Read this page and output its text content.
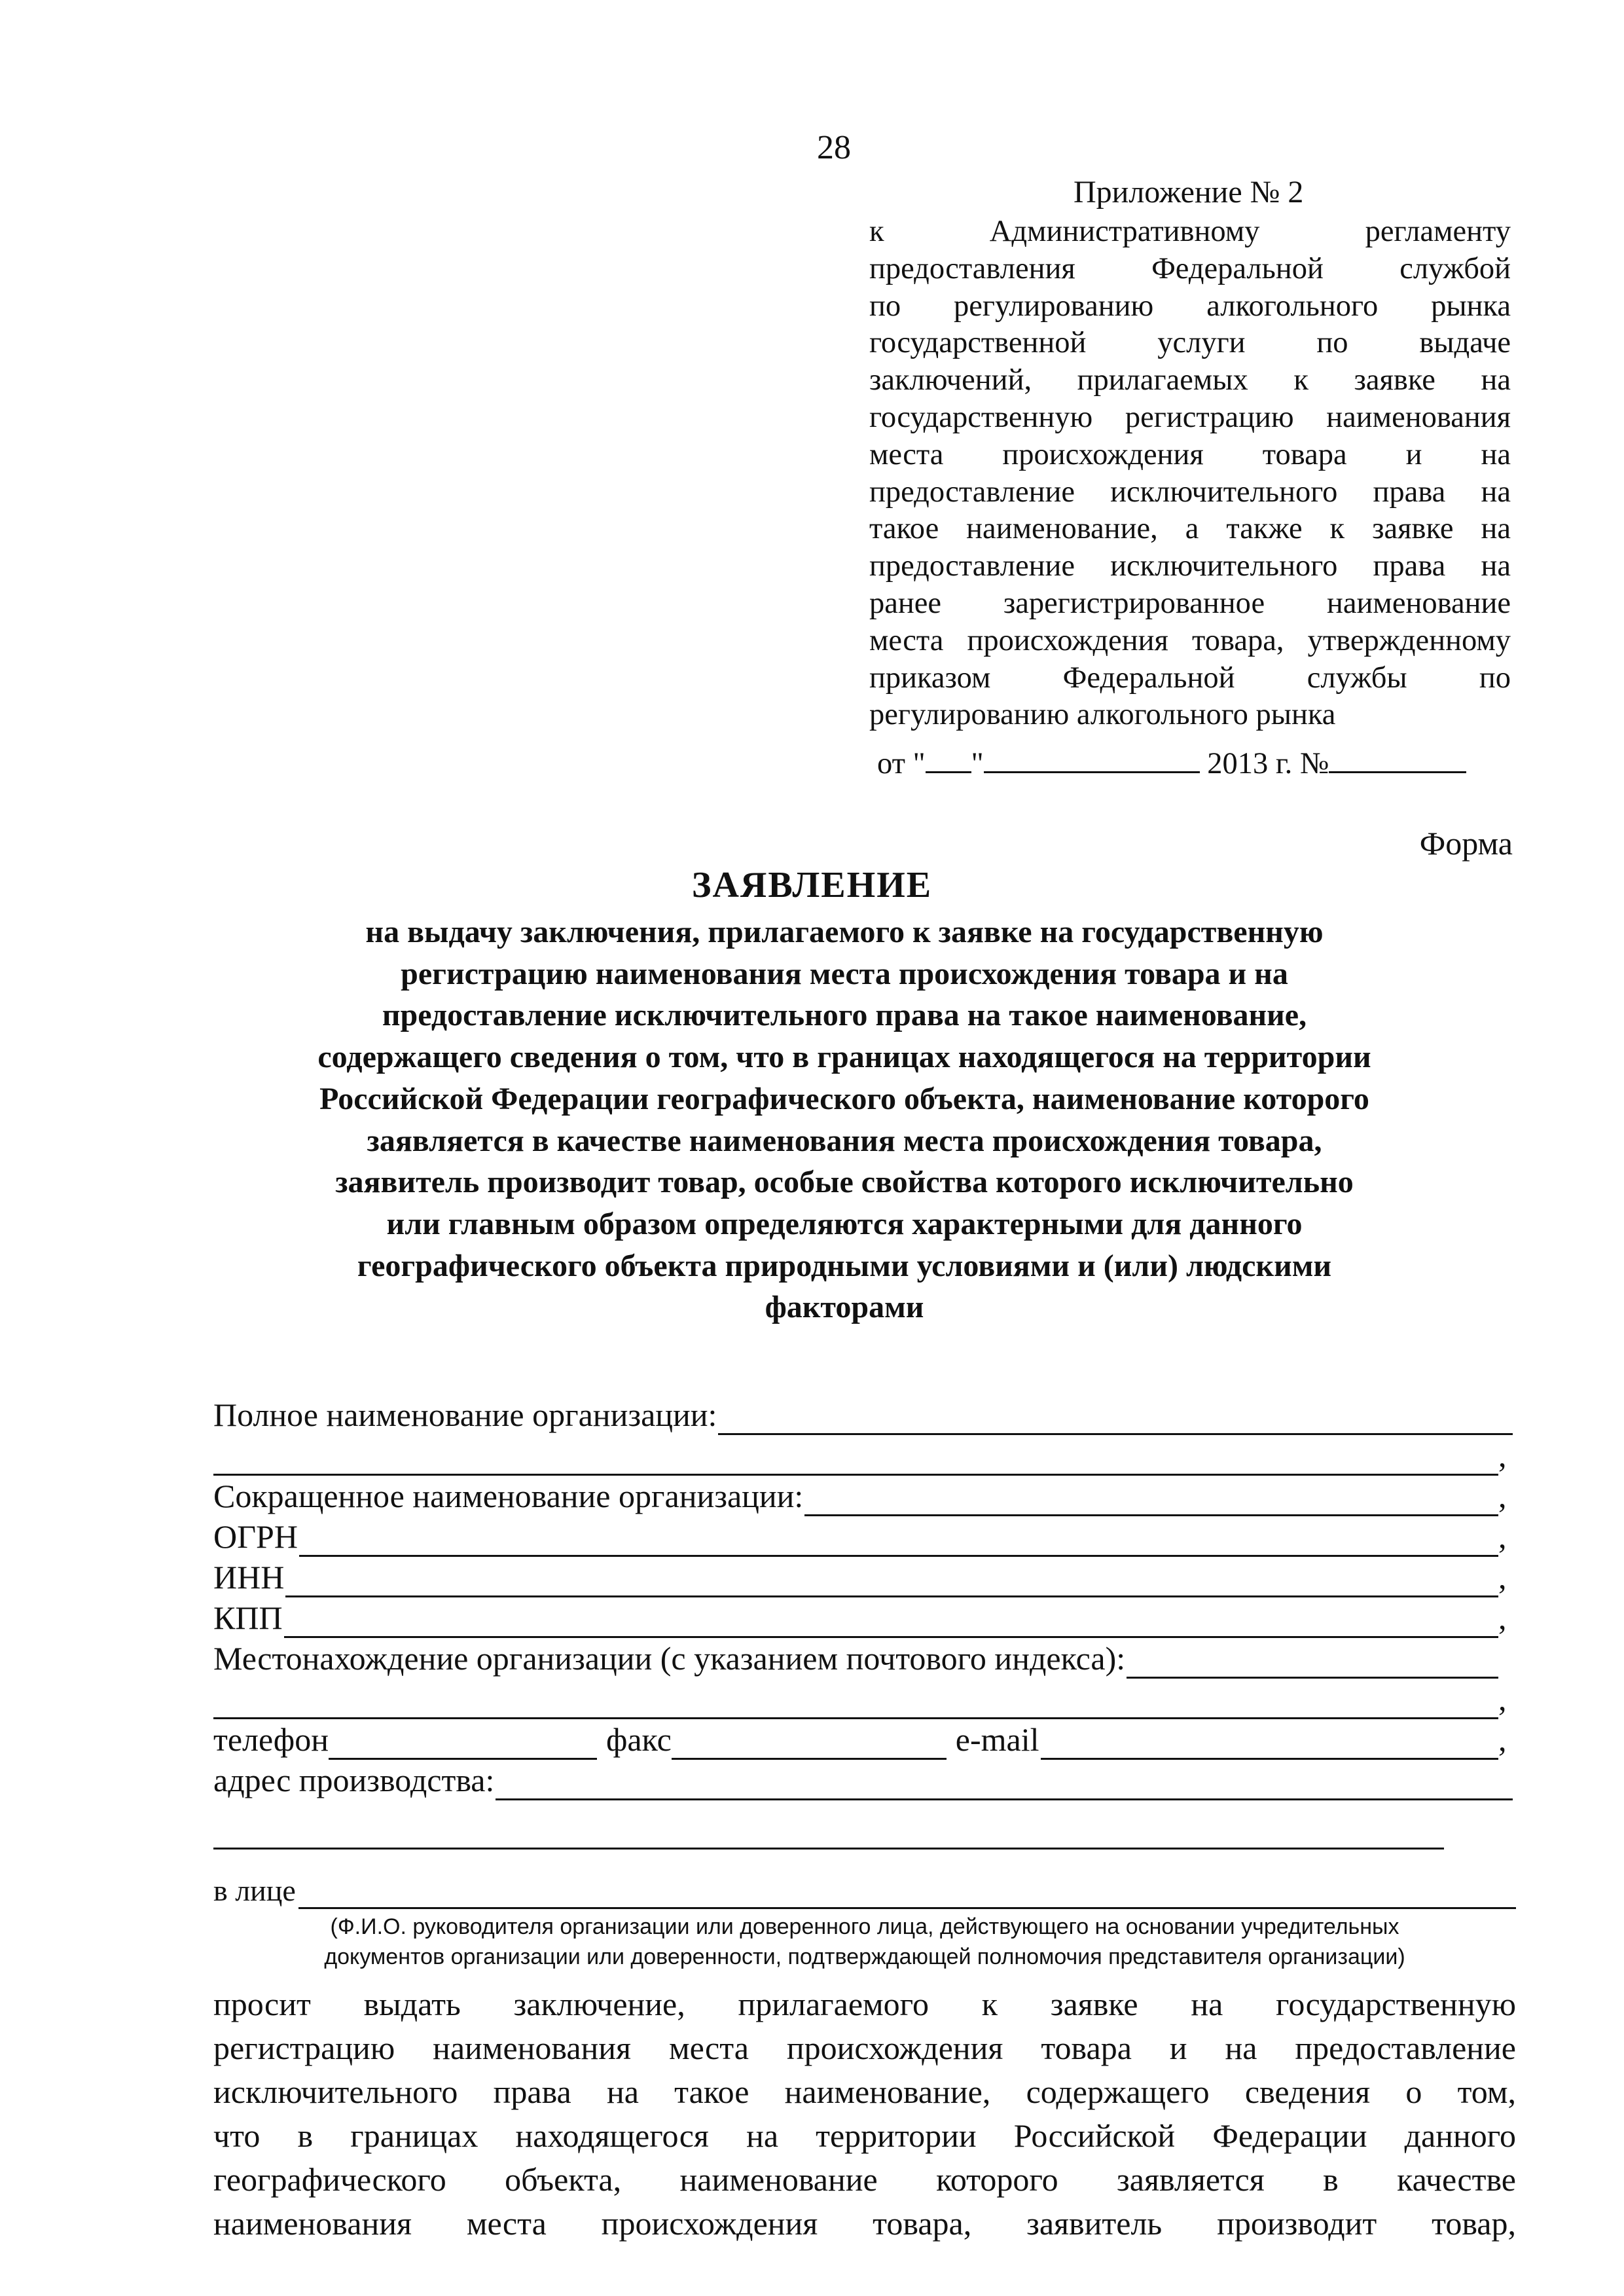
28
Приложение № 2
к Административному регламенту
предоставления Федеральной службой
по регулированию алкогольного рынка
государственной услуги по выдаче
заключений, прилагаемых к заявке на
государственную регистрацию наименования
места происхождения товара и на
предоставление исключительного права на
такое наименование, а также к заявке на
предоставление исключительного права на
ранее зарегистрированное наименование
места происхождения товара, утвержденному
приказом Федеральной службы по
регулированию алкогольного рынка
от " "	2013 г. №
Форма
ЗАЯВЛЕНИЕ
на выдачу заключения, прилагаемого к заявке на государственную
регистрацию наименования места происхождения товара и на
предоставление исключительного права на такое наименование,
содержащего сведения о том, что в границах находящегося на территории
Российской Федерации географического объекта, наименование которого
заявляется в качестве наименования места происхождения товара,
заявитель производит товар, особые свойства которого исключительно
или главным образом определяются характерными для данного
географического объекта природными условиями и (или) людскими
факторами
Полное наименование организации:
,
Сокращенное наименование организации:	,
ОГРН	,
ИНН	,
КПП	,
Местонахождение организации (с указанием почтового индекса):
,
телефон	факс	e-mail	,
адрес производства:
в лице
(Ф.И.О. руководителя организации или доверенного лица, действующего на основании учредительных
документов организации или доверенности, подтверждающей полномочия представителя организации)
просит выдать заключение, прилагаемого к заявке на государственную
регистрацию наименования места происхождения товара и на предоставление
исключительного права на такое наименование, содержащего сведения о том,
что в границах находящегося на территории Российской Федерации данного
географического объекта, наименование которого заявляется в качестве
наименования места происхождения товара, заявитель производит товар,
